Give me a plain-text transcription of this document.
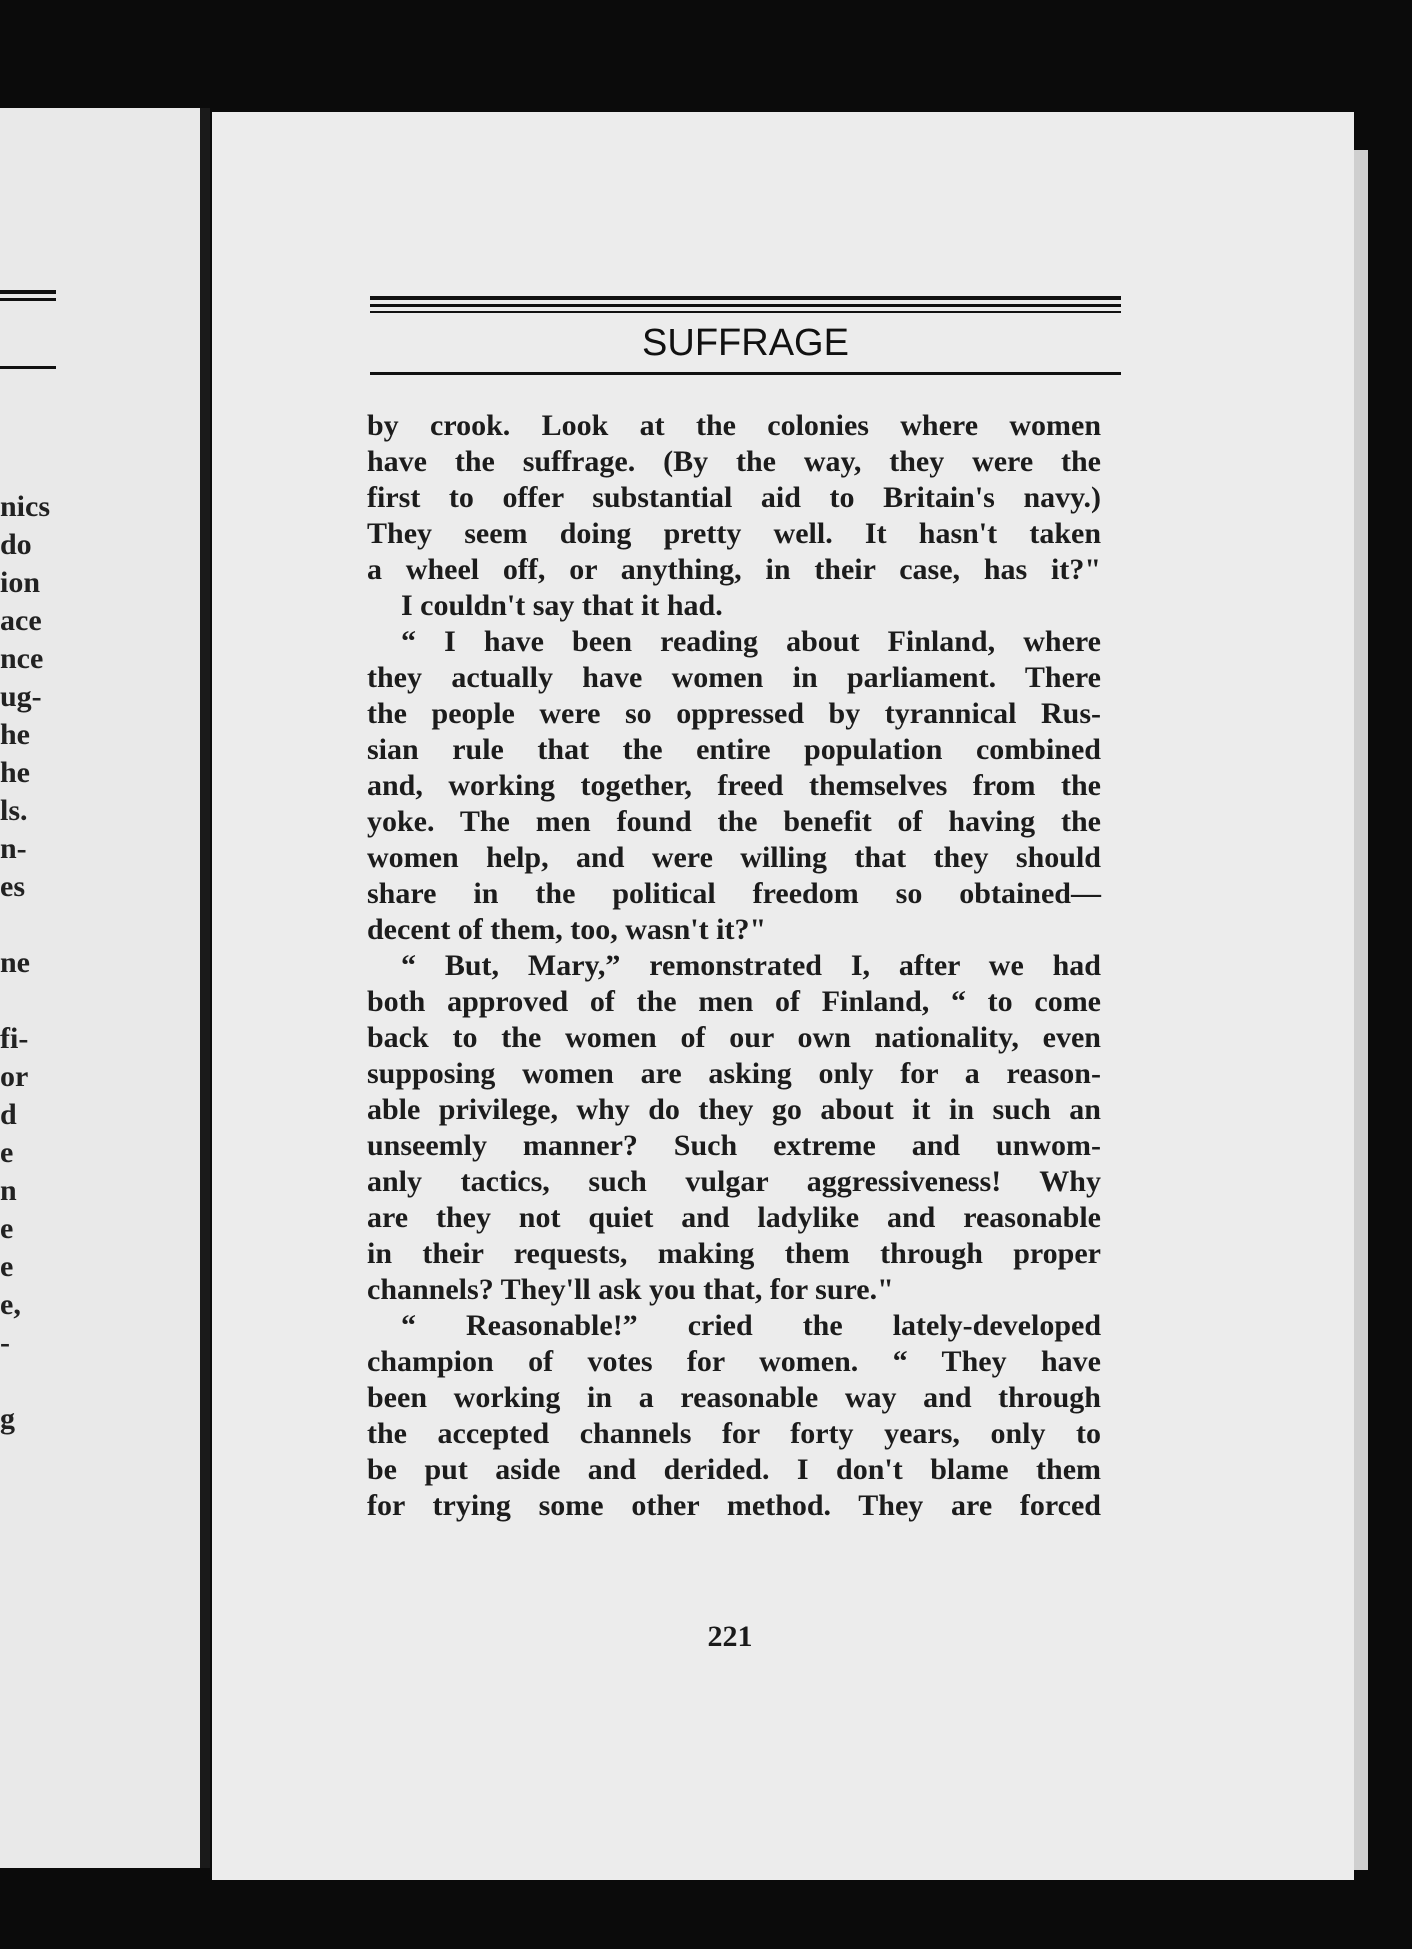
nics
do
ion
ace
nce
ug-
he
he
ls.
n-
es
ne
fi-
or
d
e
n
e
e
e,
-
g
SUFFRAGE
by crook. Look at the colonies where women
have the suffrage. (By the way, they were the
first to offer substantial aid to Britain's navy.)
They seem doing pretty well. It hasn't taken
a wheel off, or anything, in their case, has it?"
I couldn't say that it had.
“ I have been reading about Finland, where
they actually have women in parliament. There
the people were so oppressed by tyrannical Rus-
sian rule that the entire population combined
and, working together, freed themselves from the
yoke. The men found the benefit of having the
women help, and were willing that they should
share in the political freedom so obtained—
decent of them, too, wasn't it?"
“ But, Mary,” remonstrated I, after we had
both approved of the men of Finland, “ to come
back to the women of our own nationality, even
supposing women are asking only for a reason-
able privilege, why do they go about it in such an
unseemly manner? Such extreme and unwom-
anly tactics, such vulgar aggressiveness! Why
are they not quiet and ladylike and reasonable
in their requests, making them through proper
channels? They'll ask you that, for sure."
“ Reasonable!” cried the lately-developed
champion of votes for women. “ They have
been working in a reasonable way and through
the accepted channels for forty years, only to
be put aside and derided. I don't blame them
for trying some other method. They are forced
221
